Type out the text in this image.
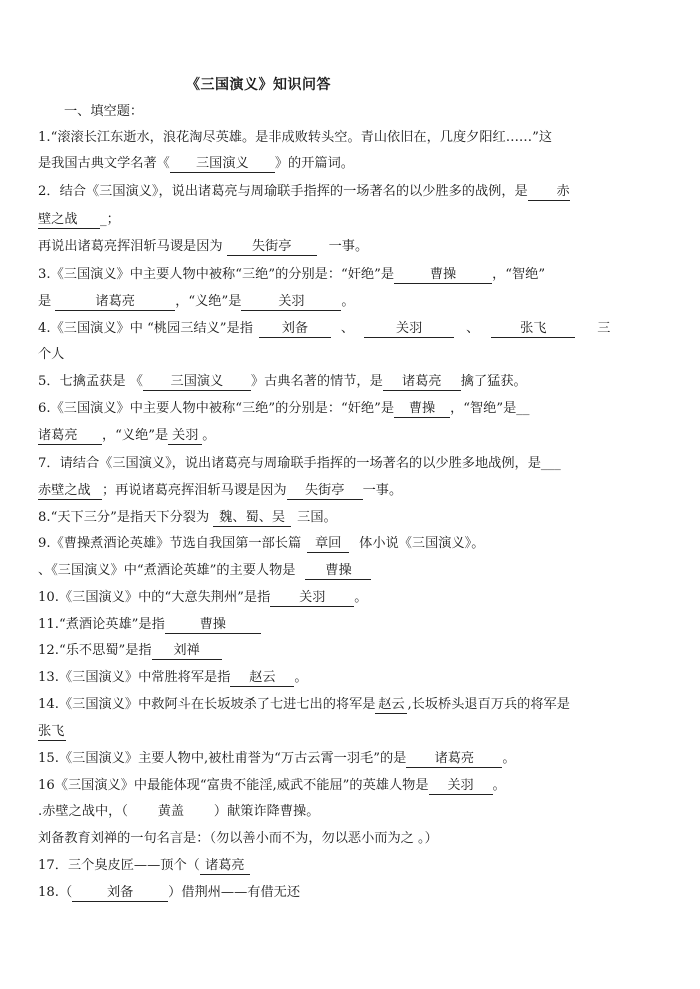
《三国演义》知识问答
一、填空题：
1.“滚滚长江东逝水，浪花淘尽英雄。是非成败转头空。青山依旧在，几度夕阳红……”这
是我国古典文学名著《 三国演义 》的开篇词。
2．结合《三国演义》，说出诸葛亮与周瑜联手指挥的一场著名的以少胜多的战例，是 赤
壁之战 _；
再说出诸葛亮挥泪斩马谡是因为 失街亭	一事。
3.《三国演义》中主要人物中被称“三绝”的分别是：“奸绝”是	曹操	，“智绝”
是	诸葛亮	，“义绝”是	关羽	。
4.《三国演义》中 “桃园三结义”是指 刘备 、	关羽	、	张飞	三
个人
5．七擒孟获是 《 三国演义 》古典名著的情节，是 诸葛亮 擒了猛获。
6.《三国演义》中主要人物中被称“三绝”的分别是：“奸绝”是 曹操 ，“智绝”是__
诸葛亮 ，“义绝”是 关羽 。
7．请结合《三国演义》，说出诸葛亮与周瑜联手指挥的一场著名的以少胜多地战例，是___
赤壁之战 ；再说诸葛亮挥泪斩马谡是因为 失街亭 一事。
8.“天下三分”是指天下分裂为 魏、蜀、吴 三国。
9.《曹操煮酒论英雄》节选自我国第一部长篇 章回 体小说《三国演义》。
、《三国演义》中“煮酒论英雄”的主要人物是 曹操
10.《三国演义》中的“大意失荆州”是指 关羽 。
11.“煮酒论英雄”是指	曹操
12.“乐不思蜀”是指 刘禅
13.《三国演义》中常胜将军是指 赵云 。
14.《三国演义》中救阿斗在长坂坡杀了七进七出的将军是 赵云 ,长坂桥头退百万兵的将军是
张飞
15.《三国演义》主要人物中,被杜甫誉为“万古云霄一羽毛”的是 诸葛亮 。
16《三国演义》中最能体现“富贵不能淫,威武不能屈”的英雄人物是 关羽 。
.赤壁之战中，（ 黄盖 ）献策诈降曹操。
刘备教育刘禅的一句名言是：（勿以善小而不为，勿以恶小而为之 。）
17．三个臭皮匠——顶个（ 诸葛亮
18.（	刘备	）借荆州——有借无还
